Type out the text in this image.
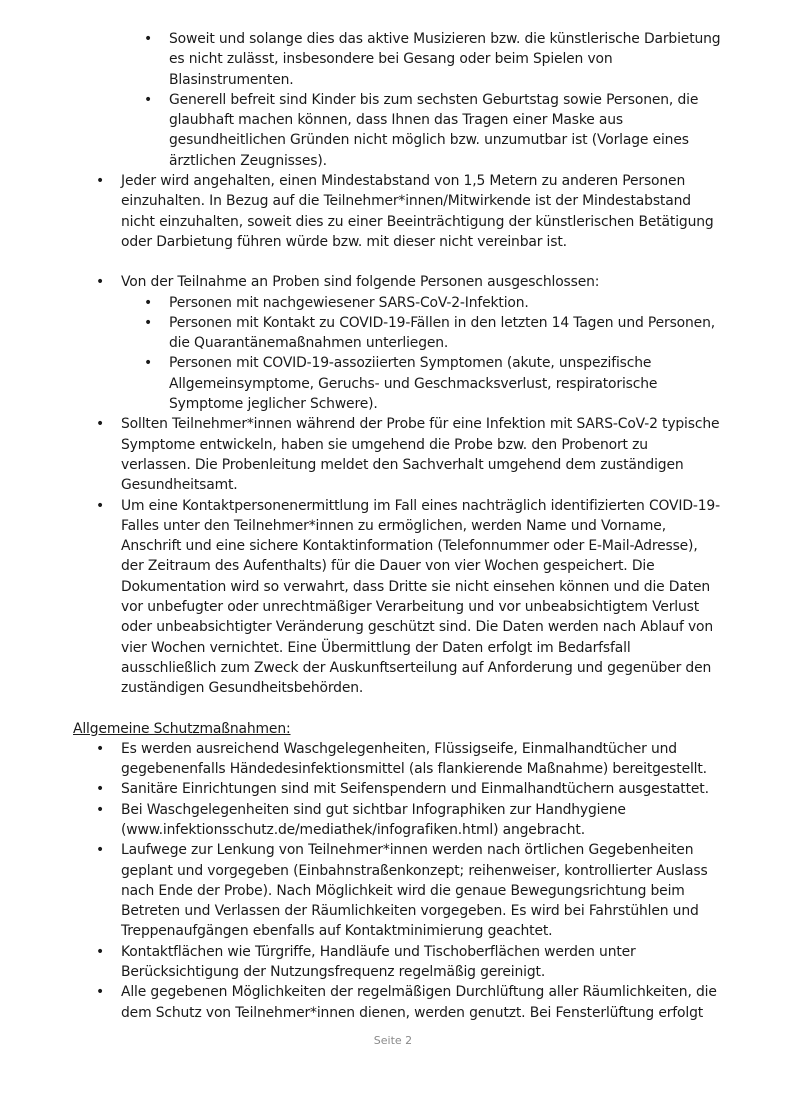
• Soweit und solange dies das aktive Musizieren bzw. die künstlerische Darbietung es nicht zulässt, insbesondere bei Gesang oder beim Spielen von Blasinstrumenten.
• Generell befreit sind Kinder bis zum sechsten Geburtstag sowie Personen, die glaubhaft machen können, dass Ihnen das Tragen einer Maske aus gesundheitlichen Gründen nicht möglich bzw. unzumutbar ist (Vorlage eines ärztlichen Zeugnisses).
• Jeder wird angehalten, einen Mindestabstand von 1,5 Metern zu anderen Personen einzuhalten. In Bezug auf die Teilnehmer*innen/Mitwirkende ist der Mindestabstand nicht einzuhalten, soweit dies zu einer Beeinträchtigung der künstlerischen Betätigung oder Darbietung führen würde bzw. mit dieser nicht vereinbar ist.
• Von der Teilnahme an Proben sind folgende Personen ausgeschlossen:
• Personen mit nachgewiesener SARS-CoV-2-Infektion.
• Personen mit Kontakt zu COVID-19-Fällen in den letzten 14 Tagen und Personen, die Quarantänemaßnahmen unterliegen.
• Personen mit COVID-19-assoziierten Symptomen (akute, unspezifische Allgemeinsymptome, Geruchs- und Geschmacksverlust, respiratorische Symptome jeglicher Schwere).
• Sollten Teilnehmer*innen während der Probe für eine Infektion mit SARS-CoV-2 typische Symptome entwickeln, haben sie umgehend die Probe bzw. den Probenort zu verlassen. Die Probenleitung meldet den Sachverhalt umgehend dem zuständigen Gesundheitsamt.
• Um eine Kontaktpersonenermittlung im Fall eines nachträglich identifizierten COVID-19-Falles unter den Teilnehmer*innen zu ermöglichen, werden Name und Vorname, Anschrift und eine sichere Kontaktinformation (Telefonnummer oder E-Mail-Adresse), der Zeitraum des Aufenthalts) für die Dauer von vier Wochen gespeichert. Die Dokumentation wird so verwahrt, dass Dritte sie nicht einsehen können und die Daten vor unbefugter oder unrechtmäßiger Verarbeitung und vor unbeabsichtigtem Verlust oder unbeabsichtigter Veränderung geschützt sind. Die Daten werden nach Ablauf von vier Wochen vernichtet. Eine Übermittlung der Daten erfolgt im Bedarfsfall ausschließlich zum Zweck der Auskunftserteilung auf Anforderung und gegenüber den zuständigen Gesundheitsbehörden.
Allgemeine Schutzmaßnahmen:
• Es werden ausreichend Waschgelegenheiten, Flüssigseife, Einmalhandtücher und gegebenenfalls Händedesinfektionsmittel (als flankierende Maßnahme) bereitgestellt.
• Sanitäre Einrichtungen sind mit Seifenspendern und Einmalhandtüchern ausgestattet.
• Bei Waschgelegenheiten sind gut sichtbar Infographiken zur Handhygiene (www.infektionsschutz.de/mediathek/infografiken.html) angebracht.
• Laufwege zur Lenkung von Teilnehmer*innen werden nach örtlichen Gegebenheiten geplant und vorgegeben (Einbahnstraßenkonzept; reihenweiser, kontrollierter Auslass nach Ende der Probe). Nach Möglichkeit wird die genaue Bewegungsrichtung beim Betreten und Verlassen der Räumlichkeiten vorgegeben. Es wird bei Fahrstühlen und Treppenaufgängen ebenfalls auf Kontaktminimierung geachtet.
• Kontaktflächen wie Türgriffe, Handläufe und Tischoberflächen werden unter Berücksichtigung der Nutzungsfrequenz regelmäßig gereinigt.
• Alle gegebenen Möglichkeiten der regelmäßigen Durchlüftung aller Räumlichkeiten, die dem Schutz von Teilnehmer*innen dienen, werden genutzt. Bei Fensterlüftung erfolgt
Seite 2
